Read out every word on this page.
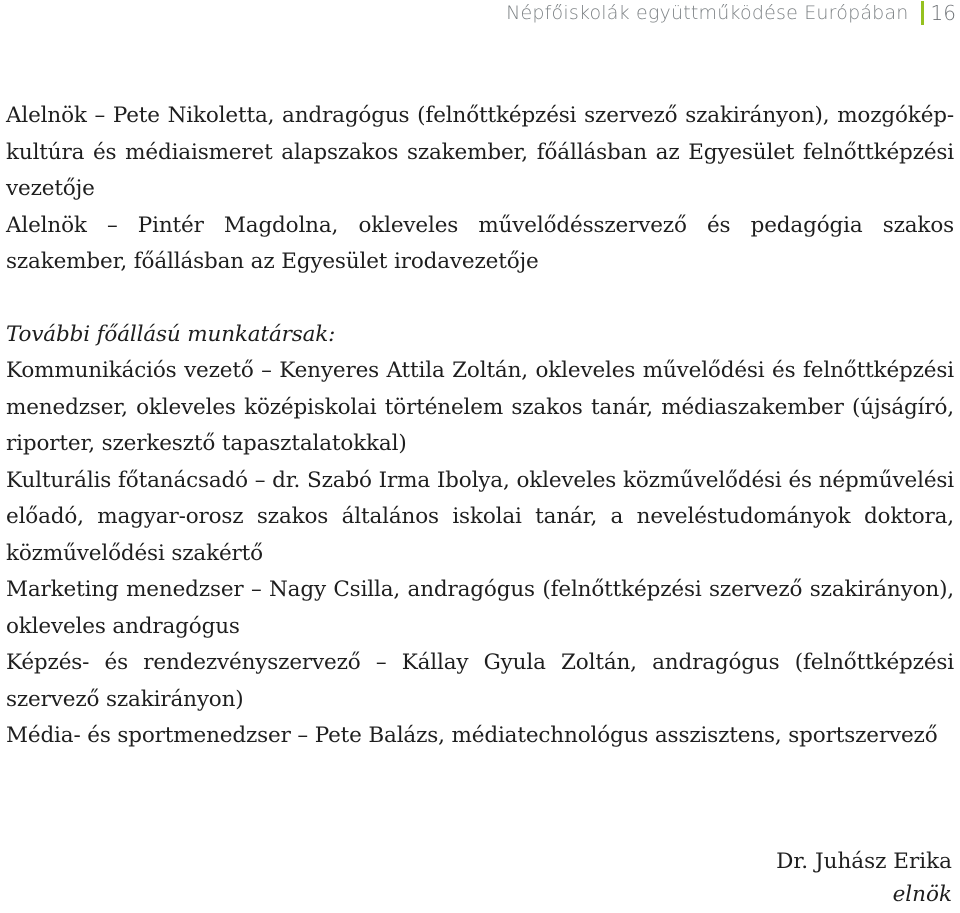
Népfőiskolák együttműködése Európában 16

Alelnök – Pete Nikoletta, andragógus (felnőttképzési szervező szakirányon), mozgókép-kultúra és médiaismeret alapszakos szakember, főállásban az Egyesület felnőttképzési vezetője

Alelnök – Pintér Magdolna, okleveles művelődésszervező és pedagógia szakos szakember, főállásban az Egyesület irodavezetője

További főállású munkatársak:

Kommunikációs vezető – Kenyeres Attila Zoltán, okleveles művelődési és felnőttképzési menedzser, okleveles középiskolai történelem szakos tanár, médiaszakember (újságíró, riporter, szerkesztő tapasztalatokkal)

Kulturális főtanácsadó – dr. Szabó Irma Ibolya, okleveles közművelődési és népművelési előadó, magyar-orosz szakos általános iskolai tanár, a neveléstudományok doktora, közművelődési szakértő

Marketing menedzser – Nagy Csilla, andragógus (felnőttképzési szervező szakirányon), okleveles andragógus

Képzés- és rendezvényszervező – Kállay Gyula Zoltán, andragógus (felnőttképzési szervező szakirányon)

Média- és sportmenedzser – Pete Balázs, médiatechnológus asszisztens, sportszervező

Dr. Juhász Erika
elnök
